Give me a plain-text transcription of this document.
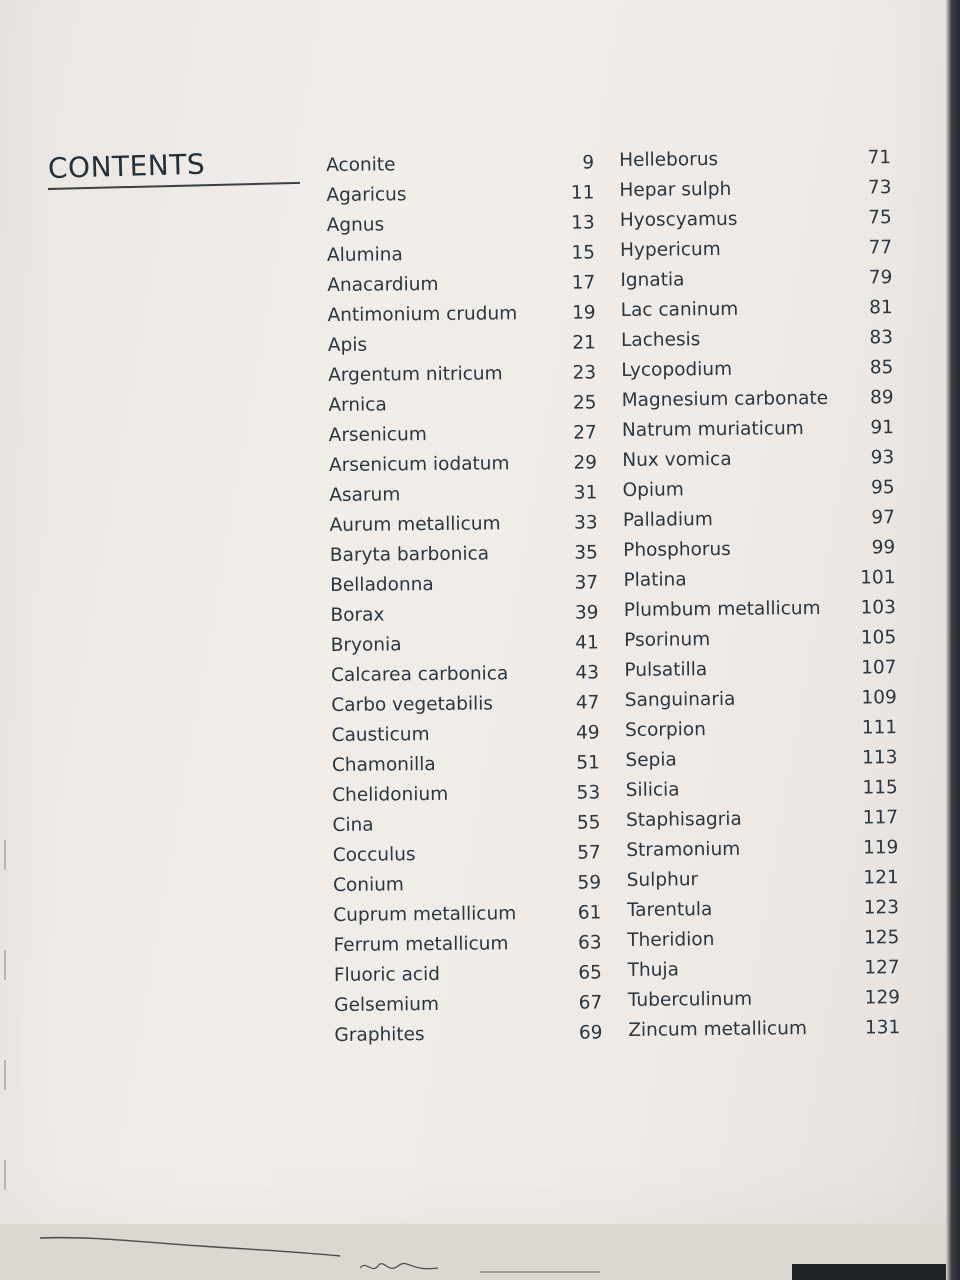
CONTENTS	Aconite	9
Agaricus	11
Agnus	13
Alumina	15
Anacardium	17
Antimonium crudum	19
Apis	21
Argentum nitricum	23
Arnica	25
Arsenicum	27
Arsenicum iodatum	29
Asarum	31
Aurum metallicum	33
Baryta barbonica	35
Belladonna	37
Borax	39
Bryonia	41
Calcarea carbonica	43
Carbo vegetabilis	47
Causticum	49
Chamonilla	51
Chelidonium	53
Cina	55
Cocculus	57
Conium	59
Cuprum metallicum	61
Ferrum metallicum	63
Fluoric acid	65
Gelsemium	67
Graphites	69
Helleborus	71
Hepar sulph	73
Hyoscyamus	75
Hypericum	77
Ignatia	79
Lac caninum	81
Lachesis	83
Lycopodium	85
Magnesium carbonate	89
Natrum muriaticum	91
Nux vomica	93
Opium	95
Palladium	97
Phosphorus	99
Platina	101
Plumbum metallicum 103
Psorinum	105
Pulsatilla	107
Sanguinaria	109
Scorpion	111
Sepia	113
Silicia	115
Staphisagria	117
Stramonium	119
Sulphur	121
Tarentula	123
Theridion	125
Thuja	127
Tuberculinum	129
Zincum metallicum	131
